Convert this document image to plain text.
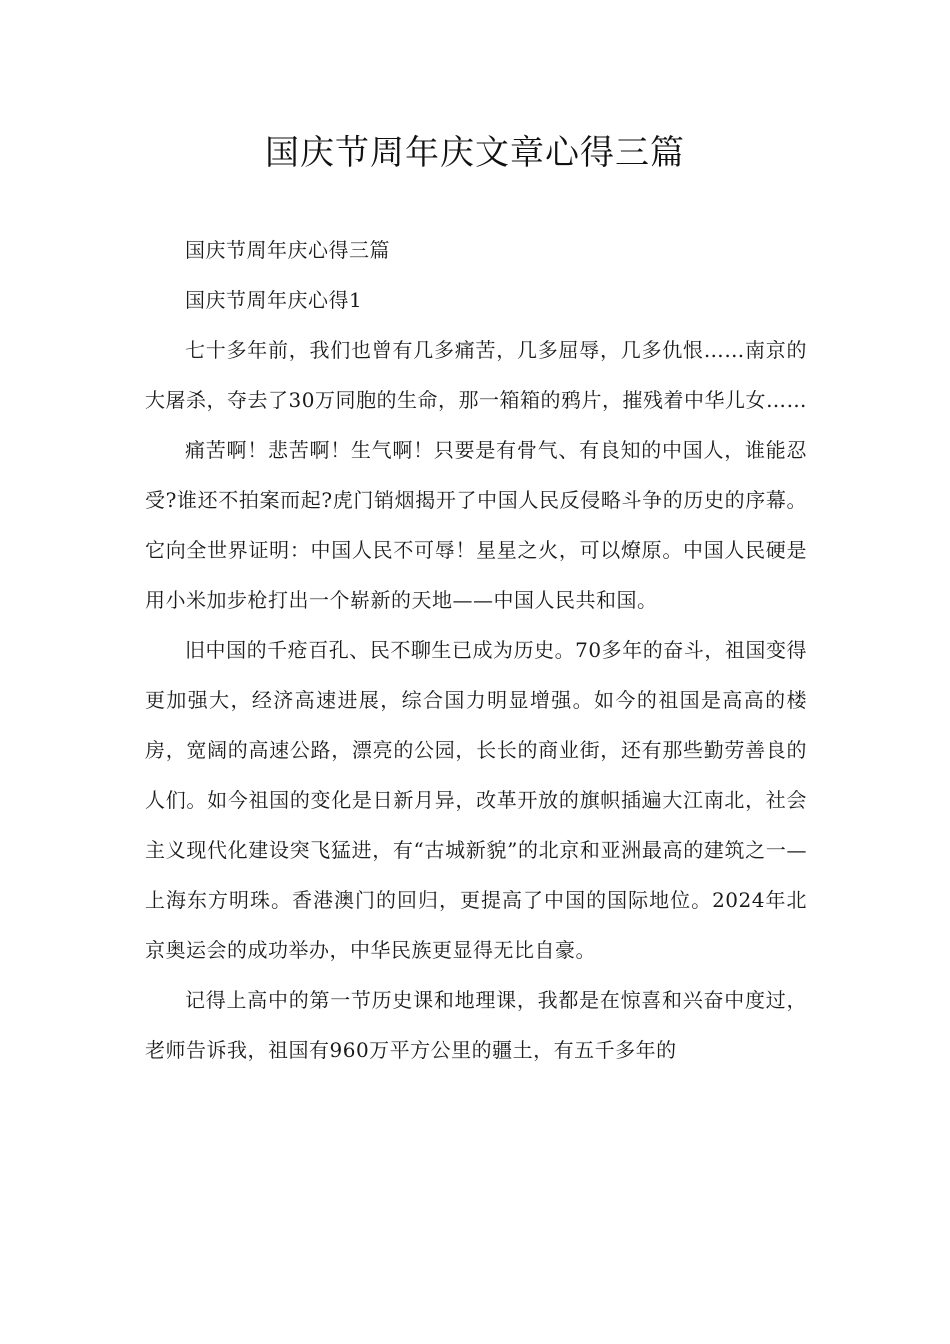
国庆节周年庆文章心得三篇

国庆节周年庆心得三篇

国庆节周年庆心得1

七十多年前，我们也曾有几多痛苦，几多屈辱，几多仇恨……南京的大屠杀，夺去了30万同胞的生命，那一箱箱的鸦片，摧残着中华儿女……

痛苦啊！悲苦啊！生气啊！只要是有骨气、有良知的中国人，谁能忍受?谁还不拍案而起?虎门销烟揭开了中国人民反侵略斗争的历史的序幕。它向全世界证明：中国人民不可辱！星星之火，可以燎原。中国人民硬是用小米加步枪打出一个崭新的天地——中国人民共和国。

旧中国的千疮百孔、民不聊生已成为历史。70多年的奋斗，祖国变得更加强大，经济高速进展，综合国力明显增强。如今的祖国是高高的楼房，宽阔的高速公路，漂亮的公园，长长的商业街，还有那些勤劳善良的人们。如今祖国的变化是日新月异，改革开放的旗帜插遍大江南北，社会主义现代化建设突飞猛进，有“古城新貌”的北京和亚洲最高的建筑之一—上海东方明珠。香港澳门的回归，更提高了中国的国际地位。2024年北京奥运会的成功举办，中华民族更显得无比自豪。

记得上高中的第一节历史课和地理课，我都是在惊喜和兴奋中度过，老师告诉我，祖国有960万平方公里的疆土，有五千多年的
